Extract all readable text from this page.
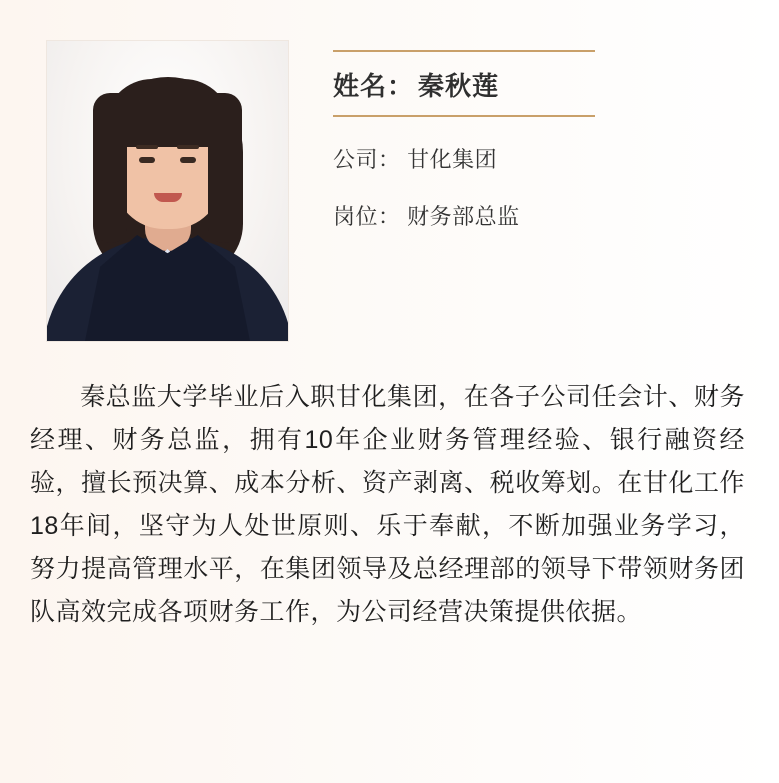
姓名： 秦秋莲
公司： 甘化集团
岗位： 财务部总监
秦总监大学毕业后入职甘化集团，在各子公司任会计、财务经理、财务总监，拥有10年企业财务管理经验、银行融资经验，擅长预决算、成本分析、资产剥离、税收筹划。在甘化工作18年间，坚守为人处世原则、乐于奉献，不断加强业务学习，努力提高管理水平，在集团领导及总经理部的领导下带领财务团队高效完成各项财务工作，为公司经营决策提供依据。
